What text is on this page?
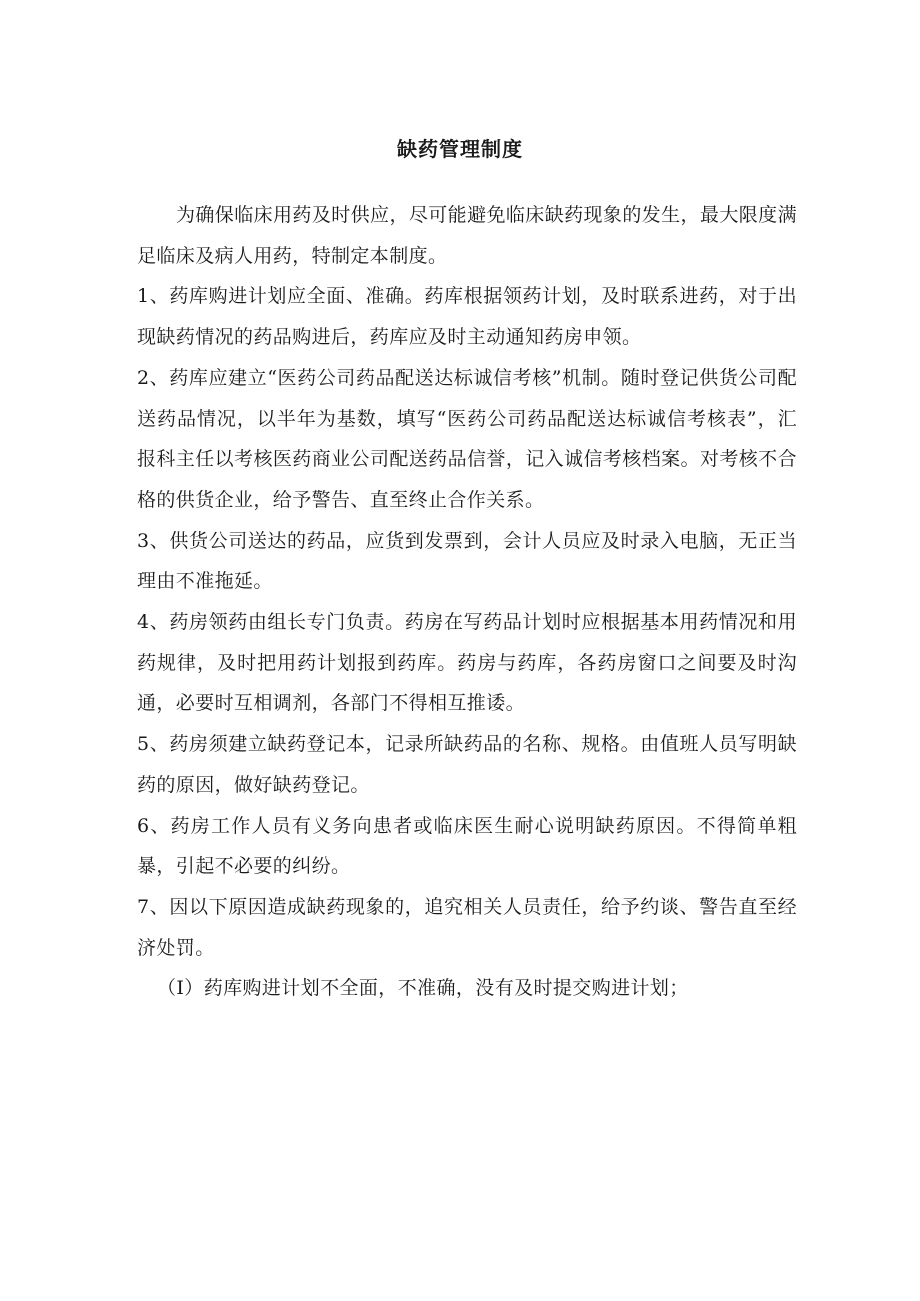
缺药管理制度

为确保临床用药及时供应，尽可能避免临床缺药现象的发生，最大限度满足临床及病人用药，特制定本制度。

1、药库购进计划应全面、准确。药库根据领药计划，及时联系进药，对于出现缺药情况的药品购进后，药库应及时主动通知药房申领。

2、药库应建立“医药公司药品配送达标诚信考核”机制。随时登记供货公司配送药品情况，以半年为基数，填写“医药公司药品配送达标诚信考核表”，汇报科主任以考核医药商业公司配送药品信誉，记入诚信考核档案。对考核不合格的供货企业，给予警告、直至终止合作关系。

3、供货公司送达的药品，应货到发票到，会计人员应及时录入电脑，无正当理由不准拖延。

4、药房领药由组长专门负责。药房在写药品计划时应根据基本用药情况和用药规律，及时把用药计划报到药库。药房与药库，各药房窗口之间要及时沟通，必要时互相调剂，各部门不得相互推诿。

5、药房须建立缺药登记本，记录所缺药品的名称、规格。由值班人员写明缺药的原因，做好缺药登记。

6、药房工作人员有义务向患者或临床医生耐心说明缺药原因。不得简单粗暴，引起不必要的纠纷。

7、因以下原因造成缺药现象的，追究相关人员责任，给予约谈、警告直至经济处罚。

（I）药库购进计划不全面，不准确，没有及时提交购进计划；
